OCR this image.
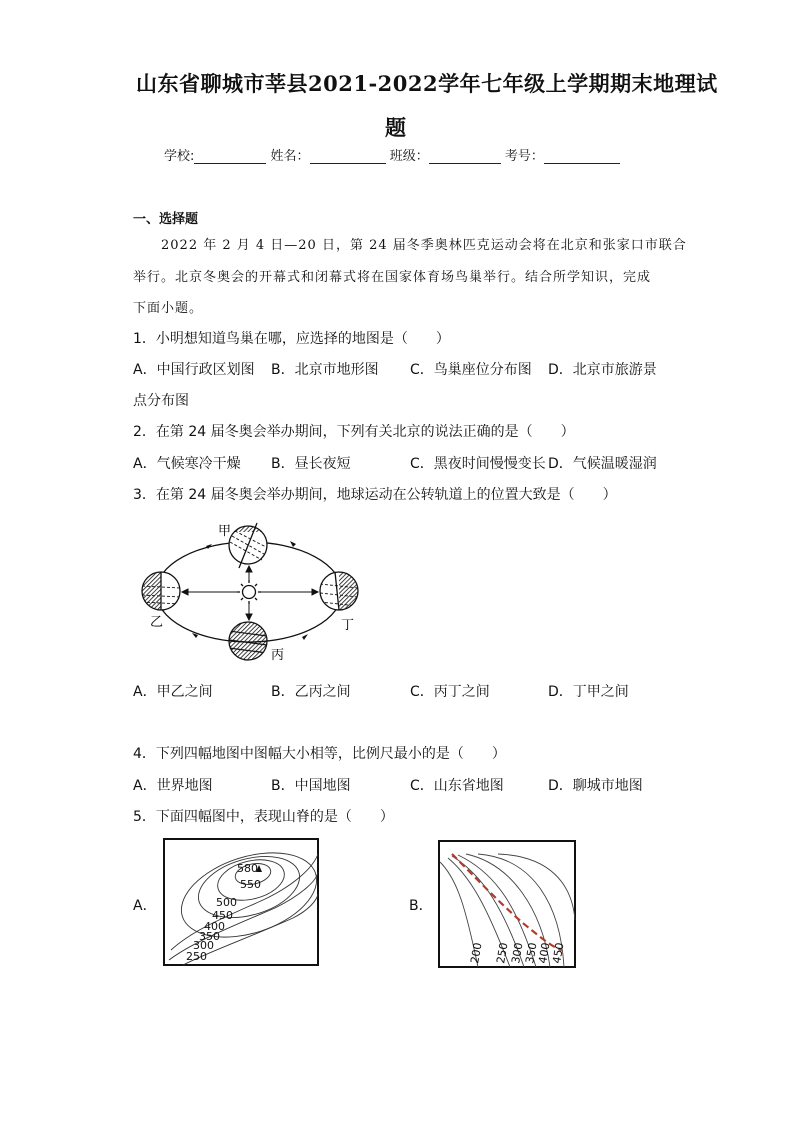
山东省聊城市莘县2021-2022学年七年级上学期期末地理试
题
学校:	姓名：	班级：	考号：
一、选择题
2022 年 2 月 4 日—20 日，第 24 届冬季奥林匹克运动会将在北京和张家口市联合
举行。北京冬奥会的开幕式和闭幕式将在国家体育场鸟巢举行。结合所学知识，完成
下面小题。
1．小明想知道鸟巢在哪，应选择的地图是（　　）
A．中国行政区划图 B．北京市地形图 C．鸟巢座位分布图 D．北京市旅游景
点分布图
2．在第 24 届冬奥会举办期间，下列有关北京的说法正确的是（　　）
A．气候寒冷干燥 B．昼长夜短	C．黑夜时间慢慢变长 D．气候温暖湿润
3．在第 24 届冬奥会举办期间，地球运动在公转轨道上的位置大致是（　　）
甲
乙
丙
丁
A．甲乙之间	B．乙丙之间	C．丙丁之间	D．丁甲之间
4．下列四幅地图中图幅大小相等，比例尺最小的是（　　）
A．世界地图	B．中国地图	C．山东省地图	D．聊城市地图
5．下面四幅图中，表现山脊的是（　　）
A．
580
550
500
450
400
350
300
250
B．
200 250
300
350
400
450
